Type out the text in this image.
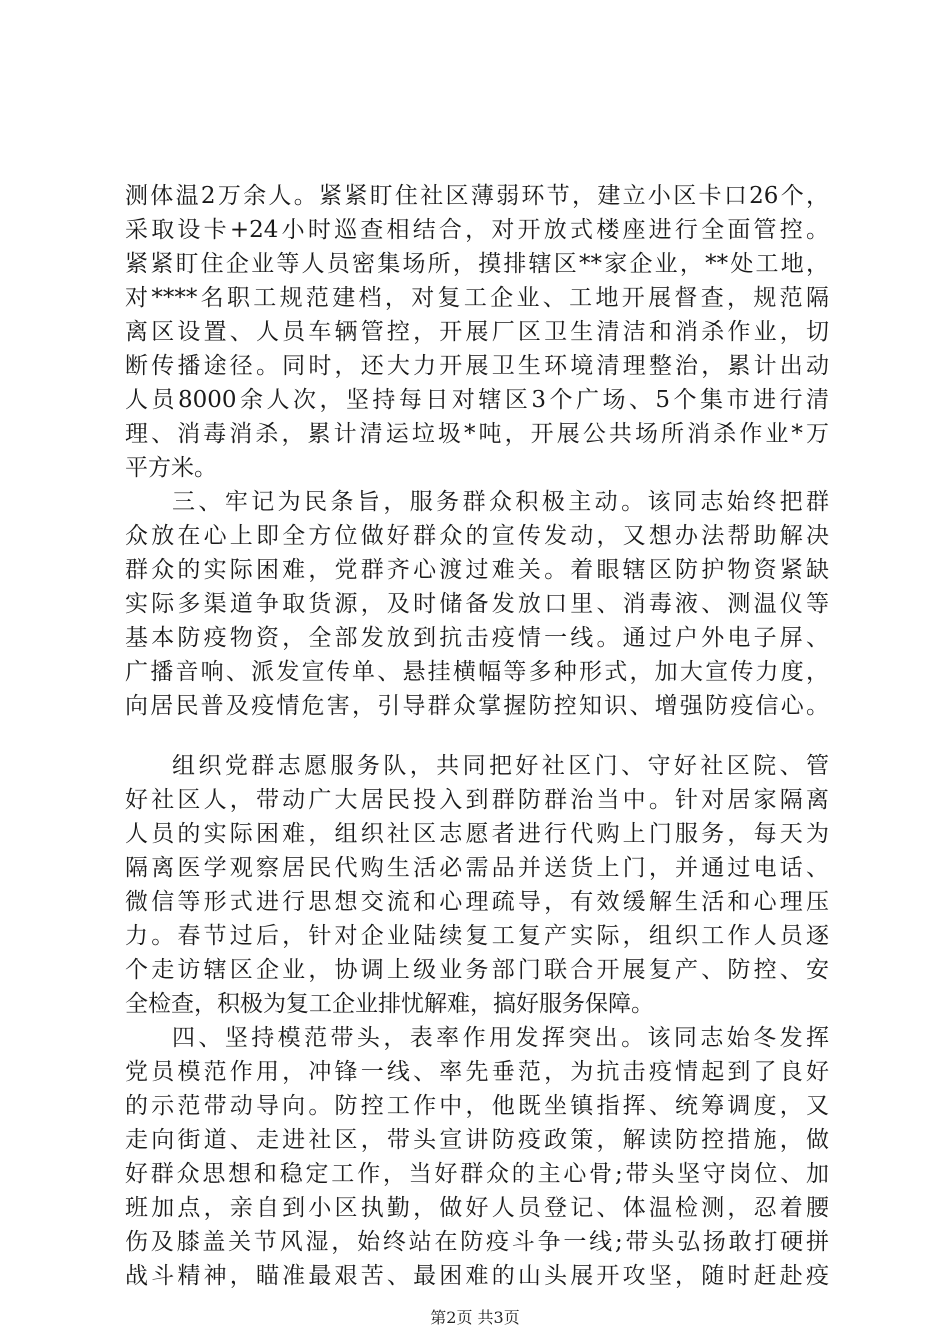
测体温2万余人。紧紧盯住社区薄弱环节，建立小区卡口26个，
采取设卡+24小时巡查相结合，对开放式楼座进行全面管控。
紧紧盯住企业等人员密集场所，摸排辖区**家企业，**处工地，
对****名职工规范建档，对复工企业、工地开展督查，规范隔
离区设置、人员车辆管控，开展厂区卫生清洁和消杀作业，切
断传播途径。同时，还大力开展卫生环境清理整治，累计出动
人员8000余人次，坚持每日对辖区3个广场、5个集市进行清
理、消毒消杀，累计清运垃圾*吨，开展公共场所消杀作业*万
平方米。
三、牢记为民条旨，服务群众积极主动。该同志始终把群
众放在心上即全方位做好群众的宣传发动，又想办法帮助解决
群众的实际困难，党群齐心渡过难关。着眼辖区防护物资紧缺
实际多渠道争取货源，及时储备发放口里、消毒液、测温仪等
基本防疫物资，全部发放到抗击疫情一线。通过户外电子屏、
广播音响、派发宣传单、悬挂横幅等多种形式，加大宣传力度，
向居民普及疫情危害，引导群众掌握防控知识、增强防疫信心。
组织党群志愿服务队，共同把好社区门、守好社区院、管
好社区人，带动广大居民投入到群防群治当中。针对居家隔离
人员的实际困难，组织社区志愿者进行代购上门服务，每天为
隔离医学观察居民代购生活必需品并送货上门，并通过电话、
微信等形式进行思想交流和心理疏导，有效缓解生活和心理压
力。春节过后，针对企业陆续复工复产实际，组织工作人员逐
个走访辖区企业，协调上级业务部门联合开展复产、防控、安
全检查，积极为复工企业排忧解难，搞好服务保障。
四、坚持模范带头，表率作用发挥突出。该同志始冬发挥
党员模范作用，冲锋一线、率先垂范，为抗击疫情起到了良好
的示范带动导向。防控工作中，他既坐镇指挥、统筹调度，又
走向街道、走进社区，带头宣讲防疫政策，解读防控措施，做
好群众思想和稳定工作，当好群众的主心骨;带头坚守岗位、加
班加点，亲自到小区执勤，做好人员登记、体温检测，忍着腰
第2页 共3页
伤及膝盖关节风湿，始终站在防疫斗争一线;带头弘扬敢打硬拼
战斗精神，瞄准最艰苦、最困难的山头展开攻坚，随时赶赴疫
